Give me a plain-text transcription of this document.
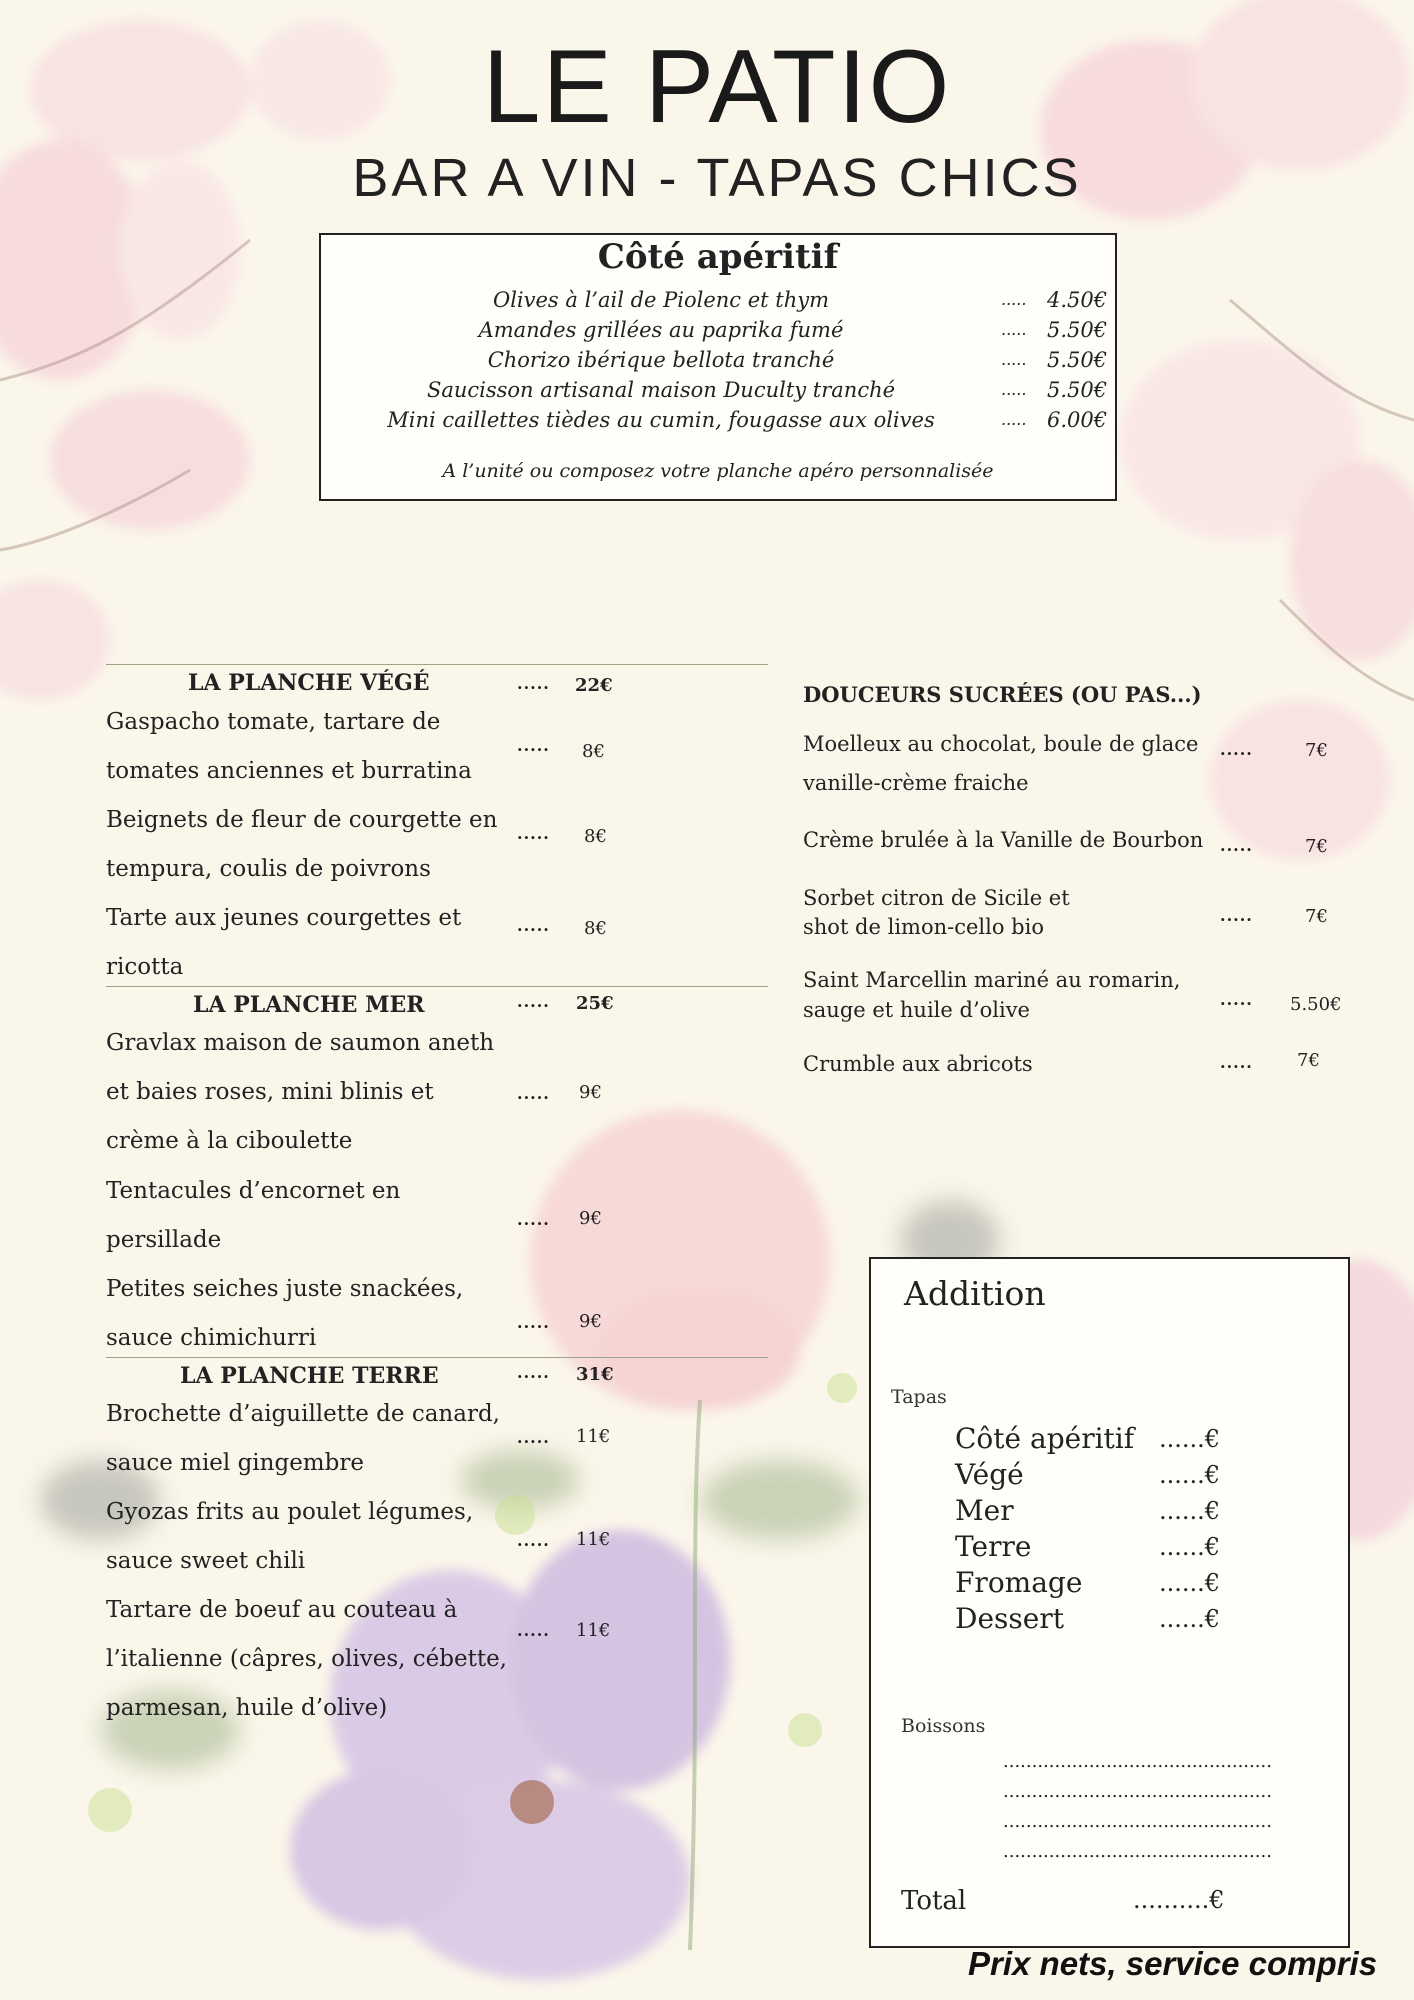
LE PATIO
BAR A VIN - TAPAS CHICS
Côté apéritif
Olives à l’ail de Piolenc et thym	..... 4.50€
Amandes grillées au paprika fumé	..... 5.50€
Chorizo ibérique bellota tranché	..... 5.50€
Saucisson artisanal maison Duculty tranché	..... 5.50€
Mini caillettes tièdes au cumin, fougasse aux olives	..... 6.00€
A l’unité ou composez votre planche apéro personnalisée
LA PLANCHE VÉGÉ	..... 22€
Gaspacho tomate, tartare de
tomates anciennes et burratina
..... 8€
Beignets de fleur de courgette en
tempura, coulis de poivrons
..... 8€
Tarte aux jeunes courgettes et
ricotta
..... 8€
LA PLANCHE MER	..... 25€
Gravlax maison de saumon aneth
et baies roses, mini blinis et
crème à la ciboulette
..... 9€
Tentacules d’encornet en
persillade
..... 9€
Petites seiches juste snackées,
sauce chimichurri
..... 9€
LA PLANCHE TERRE	..... 31€
Brochette d’aiguillette de canard,
sauce miel gingembre
..... 11€
Gyozas frits au poulet légumes,
sauce sweet chili
..... 11€
Tartare de boeuf au couteau à
l’italienne (câpres, olives, cébette,
parmesan, huile d’olive)
..... 11€
DOUCEURS SUCRÉES (OU PAS...)
Moelleux au chocolat, boule de glace
vanille-crème fraiche
.....	7€
Crème brulée à la Vanille de Bourbon .....	7€
Sorbet citron de Sicile et
shot de limon-cello bio	.....	7€
Saint Marcellin mariné au romarin,
sauge et huile d’olive	..... 5.50€
Crumble aux abricots	..... 7€
Addition
Tapas
Côté apéritif ......€
Végé	......€
Mer	......€
Terre	......€
Fromage	......€
Dessert	......€
Boissons
...............................................
...............................................
...............................................
...............................................
Total	..........€
Prix nets, service compris
